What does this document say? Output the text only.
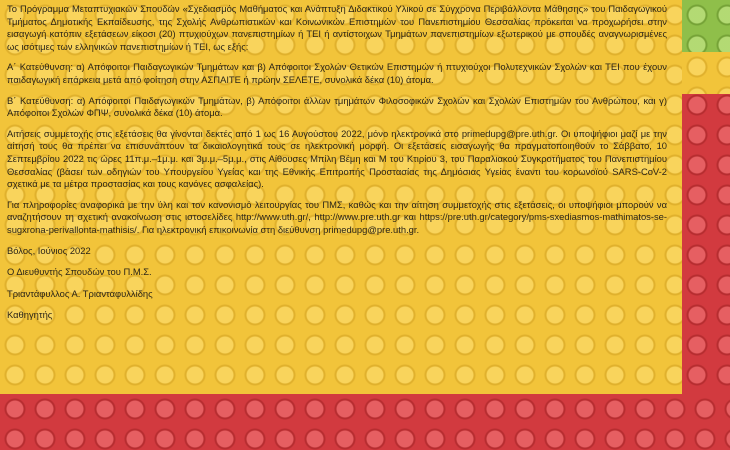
Το Πρόγραμμα Μεταπτυχιακών Σπουδών «Σχεδιασμός Μαθήματος και Ανάπτυξη Διδακτικού Υλικού σε Σύγχρονα Περιβάλλοντα Μάθησης» του Παιδαγωγικού Τμήματος Δημοτικής Εκπαίδευσης, της Σχολής Ανθρωπιστικών και Κοινωνικών Επιστημών του Πανεπιστημίου Θεσσαλίας πρόκειται να προχωρήσει στην εισαγωγή κατόπιν εξετάσεων είκοσι (20) πτυχιούχων πανεπιστημίων ή ΤΕΙ ή αντίστοιχων Τμημάτων πανεπιστημίων εξωτερικού με σπουδές αναγνωρισμένες ως ισότιμες των ελληνικών πανεπιστημίων ή ΤΕΙ, ως εξής:

Α΄ Κατεύθυνση: α) Απόφοιτοι Παιδαγωγικών Τμημάτων και β) Απόφοιτοι Σχολών Θετικών Επιστημών ή πτυχιούχοι Πολυτεχνικών Σχολών και ΤΕΙ που έχουν παιδαγωγική επάρκεια μετά από φοίτηση στην ΑΣΠΑΙΤΕ ή πρώην ΣΕΛΕΤΕ, συνολικά δέκα (10) άτομα.

Β΄ Κατεύθυνση: α) Απόφοιτοι Παιδαγωγικών Τμημάτων, β) Απόφοιτοι άλλων τμημάτων Φιλοσοφικών Σχολών και Σχολών Επιστημών του Ανθρώπου, και γ) Απόφοιτοι Σχολών ΦΠΨ, συνολικά δέκα (10) άτομα.

Αιτήσεις συμμετοχής στις εξετάσεις θα γίνονται δεκτές από 1 ως 16 Αυγούστου 2022, μόνο ηλεκτρονικά στο primedupg@pre.uth.gr. Οι υποψήφιοι μαζί με την αίτησή τους θα πρέπει να επισυνάπτουν τα δικαιολογητικά τους σε ηλεκτρονική μορφή. Οι εξετάσεις εισαγωγής θα πραγματοποιηθούν το Σάββατο, 10 Σεπτεμβρίου 2022 τις ώρες 11π.μ.–1μ.μ. και 3μ.μ.–5μ.μ., στις Αίθουσες Μπίλη Βέμη και Μ του Κτιρίου 3, του Παραλιακού Συγκροτήματος του Πανεπιστημίου Θεσσαλίας (βάσει των οδηγιών του Υπουργείου Υγείας και της Εθνικής Επιτροπής Προστασίας της Δημόσιας Υγείας έναντι του κορωνοϊού SARS-CoV-2 σχετικά με τα μέτρα προστασίας και τους κανόνες ασφαλείας).

Για πληροφορίες αναφορικά με την ύλη και τον κανονισμό λειτουργίας του ΠΜΣ, καθώς και την αίτηση συμμετοχής στις εξετάσεις, οι υποψήφιοι μπορούν να αναζητήσουν τη σχετική ανακοίνωση στις ιστοσελίδες http://www.uth.gr/, http://www.pre.uth.gr και https://pre.uth.gr/category/pms-sxediasmos-mathimatos-se-sugxrona-perivallonta-mathisis/. Για ηλεκτρονική επικοινωνία στη διεύθυνση primedupg@pre.uth.gr.

Βόλος, Ιούνιος 2022

Ο Διευθυντής Σπουδών του Π.Μ.Σ.

Τριαντάφυλλος Α. Τριανταφυλλίδης

Καθηγητής
